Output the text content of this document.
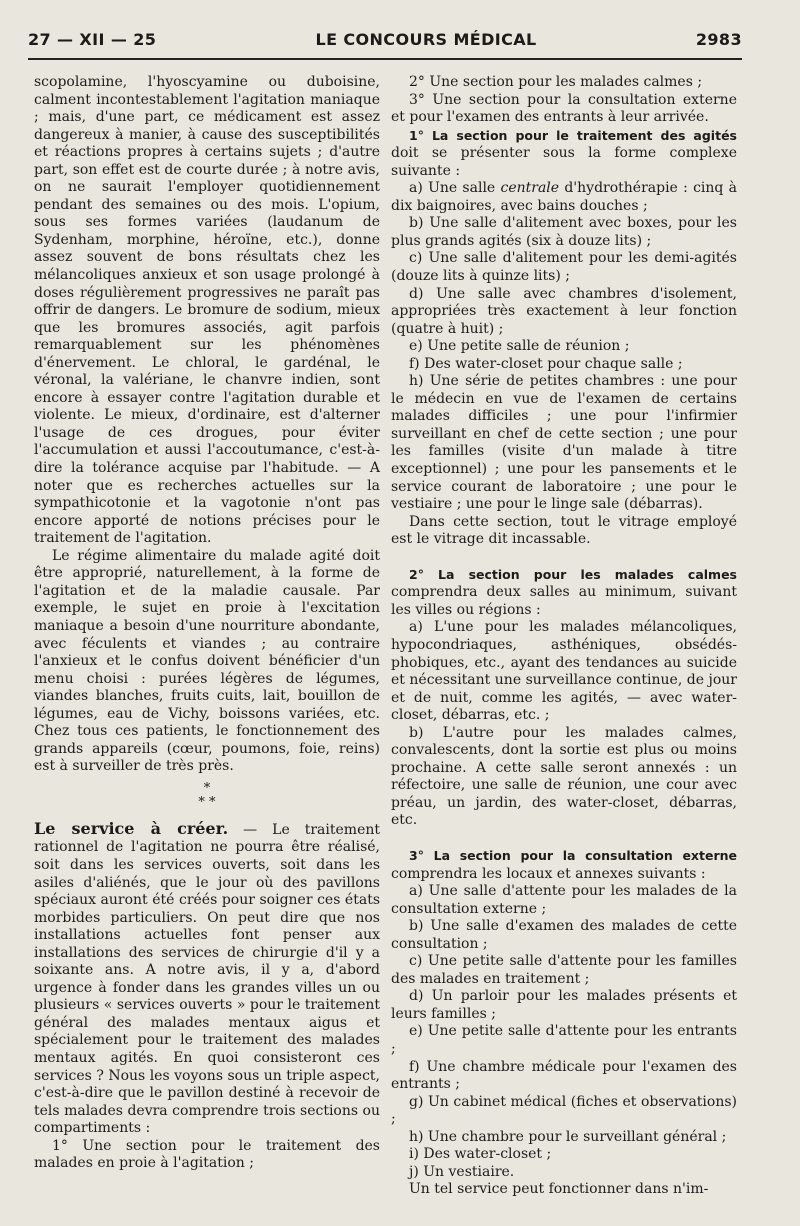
27 — XII — 25	LE CONCOURS MÉDICAL	2983

scopolamine, l'hyoscyamine ou duboisine, calment incontestablement l'agitation maniaque ; mais, d'une part, ce médicament est assez dangereux à manier, à cause des susceptibilités et réactions propres à certains sujets ; d'autre part, son effet est de courte durée ; à notre avis, on ne saurait l'employer quotidiennement pendant des semaines ou des mois. L'opium, sous ses formes variées (laudanum de Sydenham, morphine, héroïne, etc.), donne assez souvent de bons résultats chez les mélancoliques anxieux et son usage prolongé à doses régulièrement progressives ne paraît pas offrir de dangers. Le bromure de sodium, mieux que les bromures associés, agit parfois remarquablement sur les phénomènes d'énervement. Le chloral, le gardénal, le véronal, la valériane, le chanvre indien, sont encore à essayer contre l'agitation durable et violente. Le mieux, d'ordinaire, est d'alterner l'usage de ces drogues, pour éviter l'accumulation et aussi l'accoutumance, c'est-à-dire la tolérance acquise par l'habitude. — A noter que es recherches actuelles sur la sympathicotonie et la vagotonie n'ont pas encore apporté de notions précises pour le traitement de l'agitation.

Le régime alimentaire du malade agité doit être approprié, naturellement, à la forme de l'agitation et de la maladie causale. Par exemple, le sujet en proie à l'excitation maniaque a besoin d'une nourriture abondante, avec féculents et viandes ; au contraire l'anxieux et le confus doivent bénéficier d'un menu choisi : purées légères de légumes, viandes blanches, fruits cuits, lait, bouillon de légumes, eau de Vichy, boissons variées, etc. Chez tous ces patients, le fonctionnement des grands appareils (cœur, poumons, foie, reins) est à surveiller de très près.

*
* *

Le service à créer. — Le traitement rationnel de l'agitation ne pourra être réalisé, soit dans les services ouverts, soit dans les asiles d'aliénés, que le jour où des pavillons spéciaux auront été créés pour soigner ces états morbides particuliers. On peut dire que nos installations actuelles font penser aux installations des services de chirurgie d'il y a soixante ans. A notre avis, il y a, d'abord urgence à fonder dans les grandes villes un ou plusieurs « services ouverts » pour le traitement général des malades mentaux aigus et spécialement pour le traitement des malades mentaux agités. En quoi consisteront ces services ? Nous les voyons sous un triple aspect, c'est-à-dire que le pavillon destiné à recevoir de tels malades devra comprendre trois sections ou compartiments :

1° Une section pour le traitement des malades en proie à l'agitation ;

2° Une section pour les malades calmes ;

3° Une section pour la consultation externe et pour l'examen des entrants à leur arrivée.

1° La section pour le traitement des agités doit se présenter sous la forme complexe suivante :

a) Une salle centrale d'hydrothérapie : cinq à dix baignoires, avec bains douches ;

b) Une salle d'alitement avec boxes, pour les plus grands agités (six à douze lits) ;

c) Une salle d'alitement pour les demi-agités (douze lits à quinze lits) ;

d) Une salle avec chambres d'isolement, appropriées très exactement à leur fonction (quatre à huit) ;

e) Une petite salle de réunion ;

f) Des water-closet pour chaque salle ;

h) Une série de petites chambres : une pour le médecin en vue de l'examen de certains malades difficiles ; une pour l'infirmier surveillant en chef de cette section ; une pour les familles (visite d'un malade à titre exceptionnel) ; une pour les pansements et le service courant de laboratoire ; une pour le vestiaire ; une pour le linge sale (débarras).

Dans cette section, tout le vitrage employé est le vitrage dit incassable.

2° La section pour les malades calmes comprendra deux salles au minimum, suivant les villes ou régions :

a) L'une pour les malades mélancoliques, hypocondriaques, asthéniques, obsédés-phobiques, etc., ayant des tendances au suicide et nécessitant une surveillance continue, de jour et de nuit, comme les agités, — avec water-closet, débarras, etc. ;

b) L'autre pour les malades calmes, convalescents, dont la sortie est plus ou moins prochaine. A cette salle seront annexés : un réfectoire, une salle de réunion, une cour avec préau, un jardin, des water-closet, débarras, etc.

3° La section pour la consultation externe comprendra les locaux et annexes suivants :

a) Une salle d'attente pour les malades de la consultation externe ;

b) Une salle d'examen des malades de cette consultation ;

c) Une petite salle d'attente pour les familles des malades en traitement ;

d) Un parloir pour les malades présents et leurs familles ;

e) Une petite salle d'attente pour les entrants ;

f) Une chambre médicale pour l'examen des entrants ;

g) Un cabinet médical (fiches et observations) ;

h) Une chambre pour le surveillant général ;

i) Des water-closet ;

j) Un vestiaire.

Un tel service peut fonctionner dans n'im-
